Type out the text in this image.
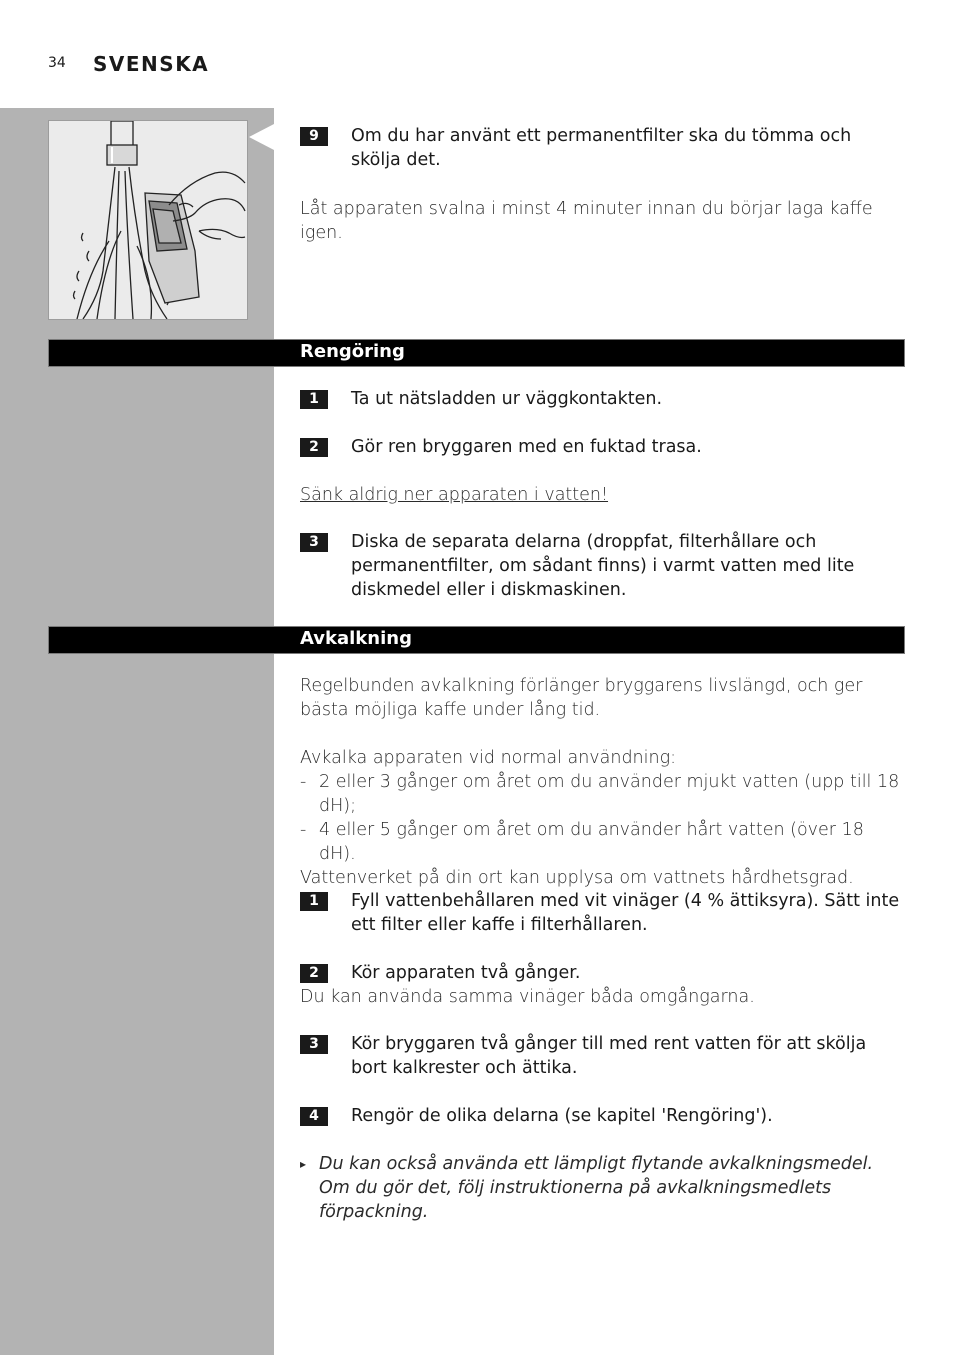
34 SVENSKA
9	Om du har använt ett permanentfilter ska du tömma och skölja det.
Låt apparaten svalna i minst 4 minuter innan du börjar laga kaffe igen.
Rengöring
1	Ta ut nätsladden ur väggkontakten.
2	Gör ren bryggaren med en fuktad trasa.
Sänk aldrig ner apparaten i vatten!
3	Diska de separata delarna (droppfat, filterhållare och permanentfilter, om sådant finns) i varmt vatten med lite diskmedel eller i diskmaskinen.
Avkalkning
Regelbunden avkalkning förlänger bryggarens livslängd, och ger bästa möjliga kaffe under lång tid.
Avkalka apparaten vid normal användning:
- 2 eller 3 gånger om året om du använder mjukt vatten (upp till 18 dH);
- 4 eller 5 gånger om året om du använder hårt vatten (över 18 dH).
Vattenverket på din ort kan upplysa om vattnets hårdhetsgrad.
1	Fyll vattenbehållaren med vit vinäger (4 % ättiksyra). Sätt inte ett filter eller kaffe i filterhållaren.
2	Kör apparaten två gånger.
Du kan använda samma vinäger båda omgångarna.
3	Kör bryggaren två gånger till med rent vatten för att skölja bort kalkrester och ättika.
4	Rengör de olika delarna (se kapitel 'Rengöring').
▸ Du kan också använda ett lämpligt flytande avkalkningsmedel. Om du gör det, följ instruktionerna på avkalkningsmedlets förpackning.
